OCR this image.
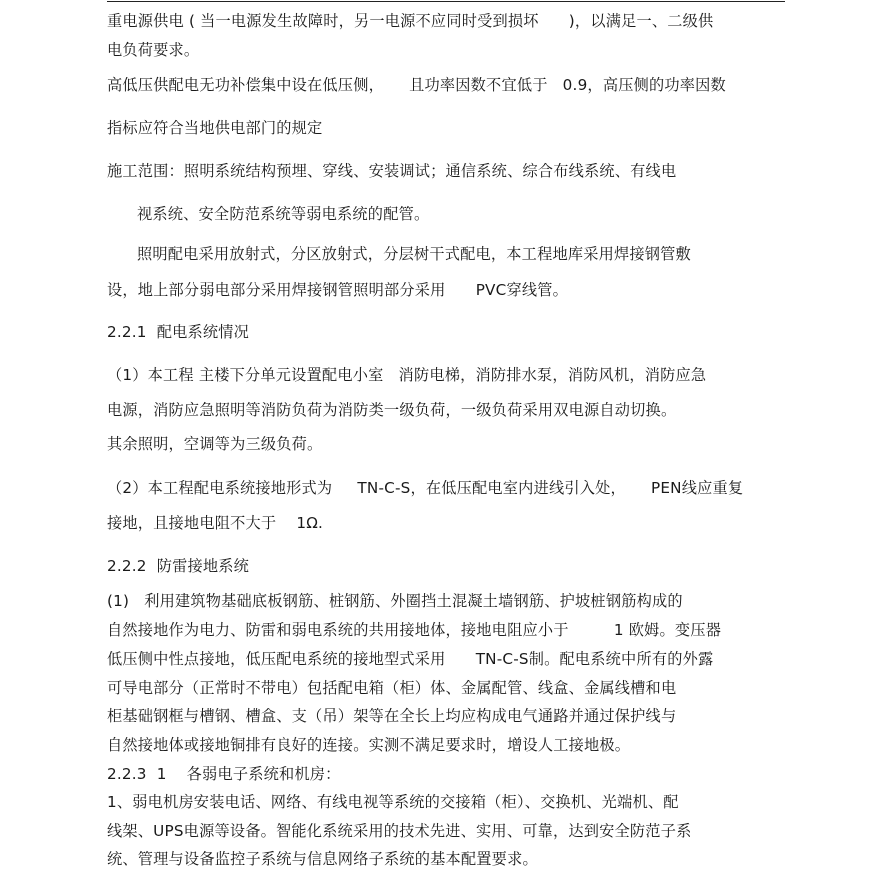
重电源供电 ( 当一电源发生故障时，另一电源不应同时受到损坏      )，以满足一、二级供
电负荷要求。
高低压供配电无功补偿集中设在低压侧，     且功率因数不宜低于   0.9，高压侧的功率因数
指标应符合当地供电部门的规定
施工范围：照明系统结构预埋、穿线、安装调试；通信系统、综合布线系统、有线电
视系统、安全防范系统等弱电系统的配管。
照明配电采用放射式，分区放射式，分层树干式配电，本工程地库采用焊接钢管敷
设，地上部分弱电部分采用焊接钢管照明部分采用      PVC穿线管。
2.2.1  配电系统情况
（1）本工程 主楼下分单元设置配电小室   消防电梯，消防排水泵，消防风机，消防应急
电源，消防应急照明等消防负荷为消防类一级负荷，一级负荷采用双电源自动切换。
其余照明，空调等为三级负荷。
（2）本工程配电系统接地形式为     TN-C-S，在低压配电室内进线引入处，     PEN线应重复
接地，且接地电阻不大于    1Ω.
2.2.2  防雷接地系统
(1)   利用建筑物基础底板钢筋、桩钢筋、外圈挡土混凝土墙钢筋、护坡桩钢筋构成的
自然接地作为电力、防雷和弱电系统的共用接地体，接地电阻应小于         1 欧姆。变压器
低压侧中性点接地，低压配电系统的接地型式采用      TN-C-S制。配电系统中所有的外露
可导电部分（正常时不带电）包括配电箱（柜）体、金属配管、线盒、金属线槽和电
柜基础钢框与槽钢、槽盒、支（吊）架等在全长上均应构成电气通路并通过保护线与
自然接地体或接地铜排有良好的连接。实测不满足要求时，增设人工接地极。
2.2.3  1    各弱电子系统和机房：
1、弱电机房安装电话、网络、有线电视等系统的交接箱（柜）、交换机、光端机、配
线架、UPS电源等设备。智能化系统采用的技术先进、实用、可靠，达到安全防范子系
统、管理与设备监控子系统与信息网络子系统的基本配置要求。
